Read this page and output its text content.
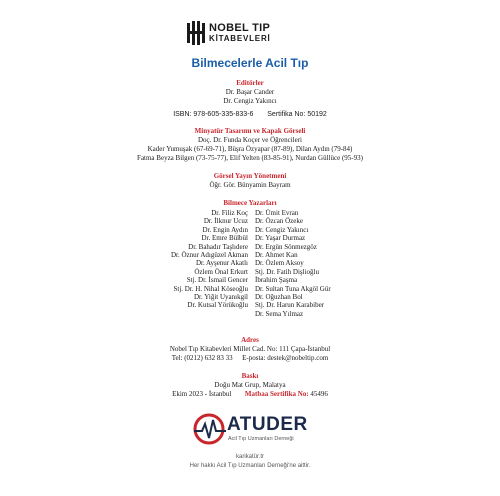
NOBEL TIP
KİTABEVLERİ
Bilmecelerle Acil Tıp
Editörler
Dr. Başar Cander
Dr. Cengiz Yakıncı
ISBN: 978-605-335-833-6 Sertifika No: 50192
Minyatür Tasarımı ve Kapak Görseli
Doç. Dr. Funda Koçer ve Öğrencileri
Kader Yumuşak (67-69-71), Büşra Özyapar (87-89), Dilan Aydın (79-84)
Fatma Beyza Bilgen (73-75-77), Elif Yelten (83-85-91), Nurdan Güllüce (95-93)
Görsel Yayın Yönetmeni
Öğr. Gör. Bünyamin Bayram
Bilmece Yazarları
Dr. Filiz Koç
Dr. İlknur Ucuz
Dr. Engin Aydın
Dr. Emre Bülbül
Dr. Bahadır Taşlıdere
Dr. Öznur Adıgüzel Akman
Dr. Ayşenur Akatlı
Özlem Önal Erkurt
Stj. Dr. İsmail Gencer
Stj. Dr. H. Nihal Köseoğlu
Dr. Yiğit Uyanıkgil
Dr. Kutsal Yörükoğlu
Dr. Ümit Evran
Dr. Özcan Özeke
Dr. Cengiz Yakıncı
Dr. Yaşar Durmaz
Dr. Ergün Sönmezgöz
Dr. Ahmet Kan
Dr. Özlem Aksoy
Stj. Dr. Fatih Dişlioğlu
İbrahim Şaşma
Dr. Sultan Tuna Akgöl Gür
Dr. Oğuzhan Bol
Stj. Dr. Harun Karabiber
Dr. Sema Yılmaz
Adres
Nobel Tıp Kitabevleri Millet Cad. No: 111 Çapa-İstanbul
Tel: (0212) 632 83 33 E-posta: destek@nobeltip.com
Baskı
Doğu Mat Grup, Malatya
Ekim 2023 - İstanbul Matbaa Sertifika No: 45496
ATUDER
Acil Tıp Uzmanları Derneği
karikatür.tr
Her hakkı Acil Tıp Uzmanları Derneği'ne aittir.
